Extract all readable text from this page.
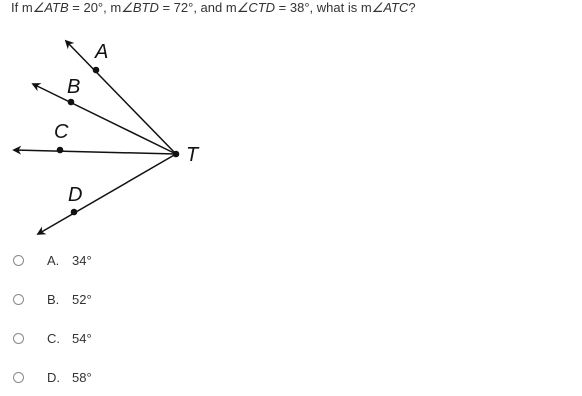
If m∠ATB = 20°, m∠BTD = 72°, and m∠CTD = 38°, what is m∠ATC?
A
B
C
D
T
A. 34°
B. 52°
C. 54°
D. 58°
